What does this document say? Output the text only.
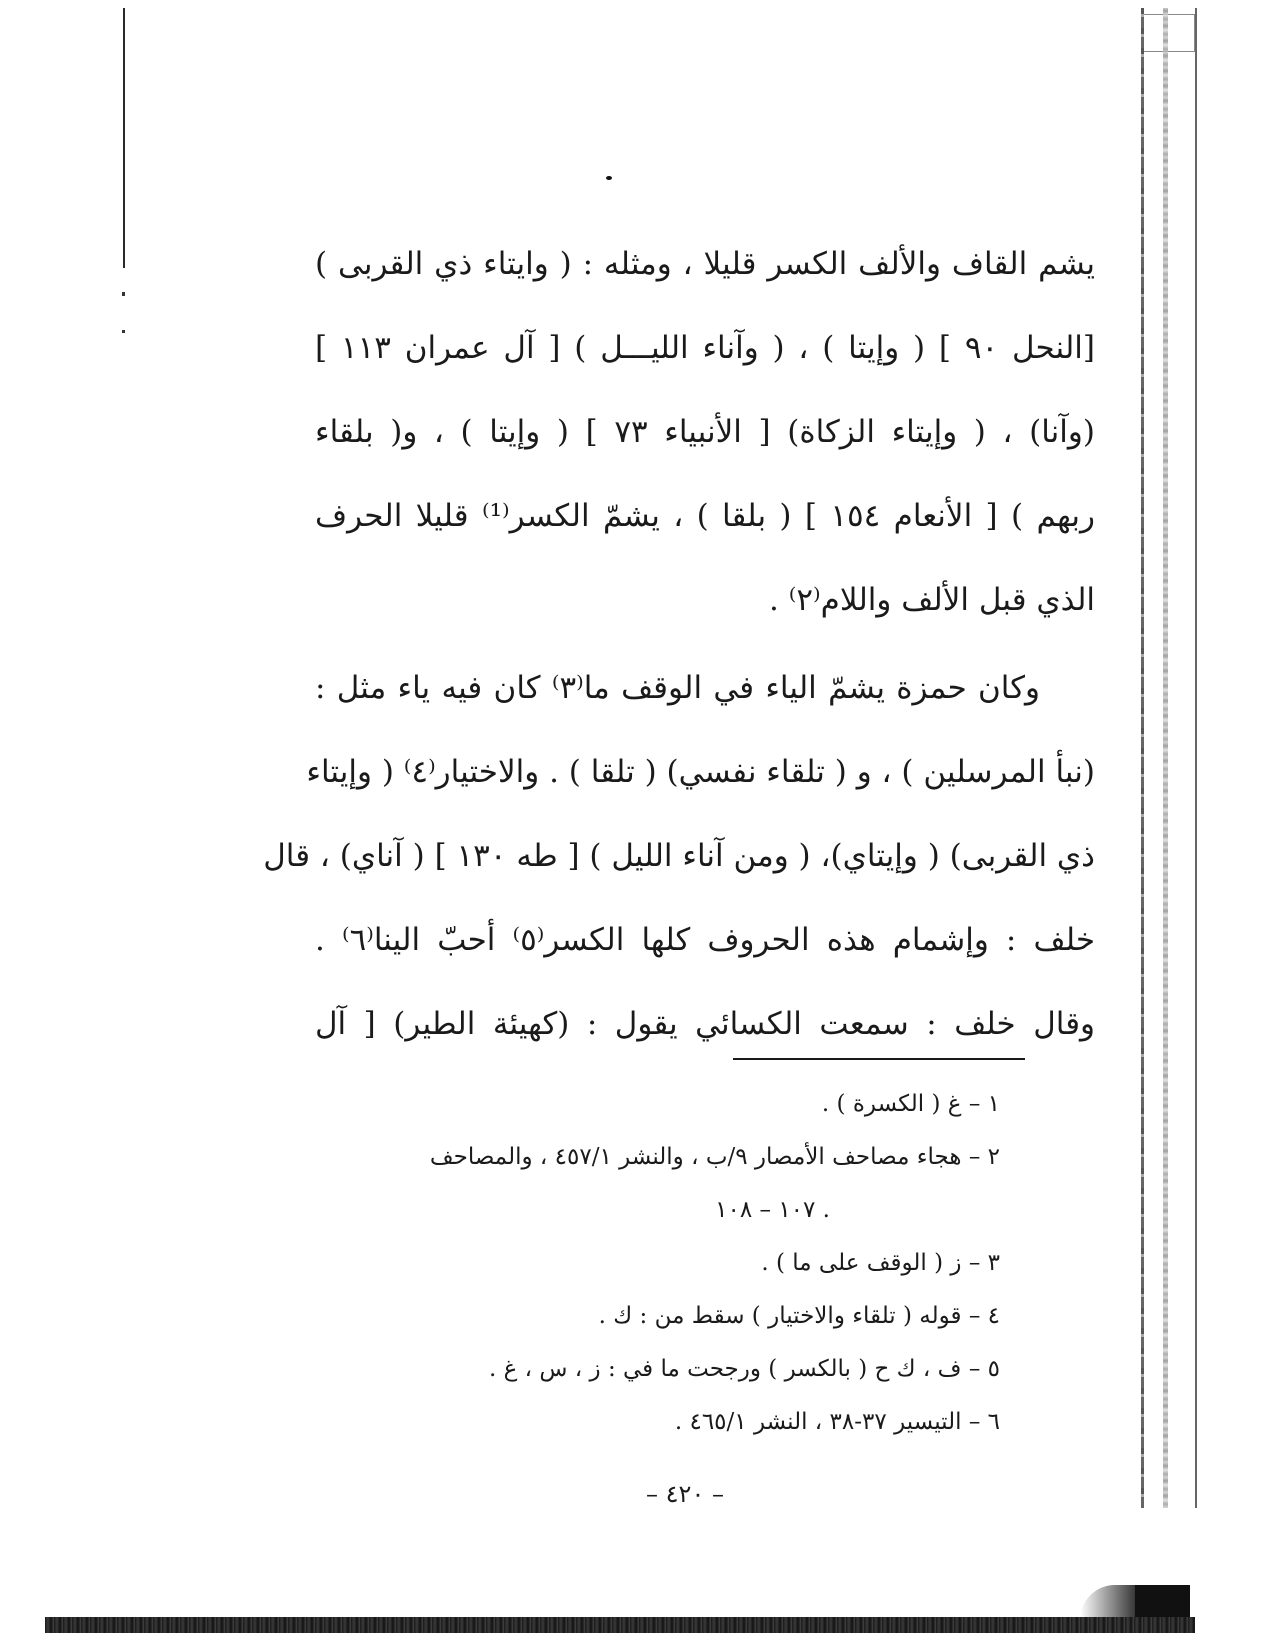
يشم القاف والألف الكسر قليلا ، ومثله : ( وايتاء ذي القربى )
[النحل ٩٠ ] ( وإيتا ) ، ( وآناء الليـــل ) [ آل عمران ١١٣ ]
(وآنا) ، ( وإيتاء الزكاة) [ الأنبياء ٧٣ ] ( وإيتا ) ، و( بلقاء
ربهم ) [ الأنعام ١٥٤ ] ( بلقا ) ، يشمّ الكسر⁽¹⁾ قليلا الحرف
الذي قبل الألف واللام⁽٢⁾ .
وكان حمزة يشمّ الياء في الوقف ما⁽٣⁾ كان فيه ياء مثل :
(نبأ المرسلين ) ، و ( تلقاء نفسي) ( تلقا ) . والاختيار⁽٤⁾ ( وإيتاء
ذي القربى) ( وإيتاي)، ( ومن آناء الليل ) [ طه ١٣٠ ] ( آناي) ، قال
خلف : وإشمام هذه الحروف كلها الكسر⁽٥⁾ أحبّ الينا⁽٦⁾ .
وقال خلف : سمعت الكسائي يقول : (كهيئة الطير) [ آل
١ – غ ( الكسرة ) .
٢ – هجاء مصاحف الأمصار ٩/ب ، والنشر ٤٥٧/١ ، والمصاحف
. ١٠٧ – ١٠٨
٣ – ز ( الوقف على ما ) .
٤ – قوله ( تلقاء والاختيار ) سقط من : ك .
٥ – ف ، ك ح ( بالكسر ) ورجحت ما في : ز ، س ، غ .
٦ – التيسير ٣٧-٣٨ ، النشر ٤٦٥/١ .
– ٤٢٠ –
